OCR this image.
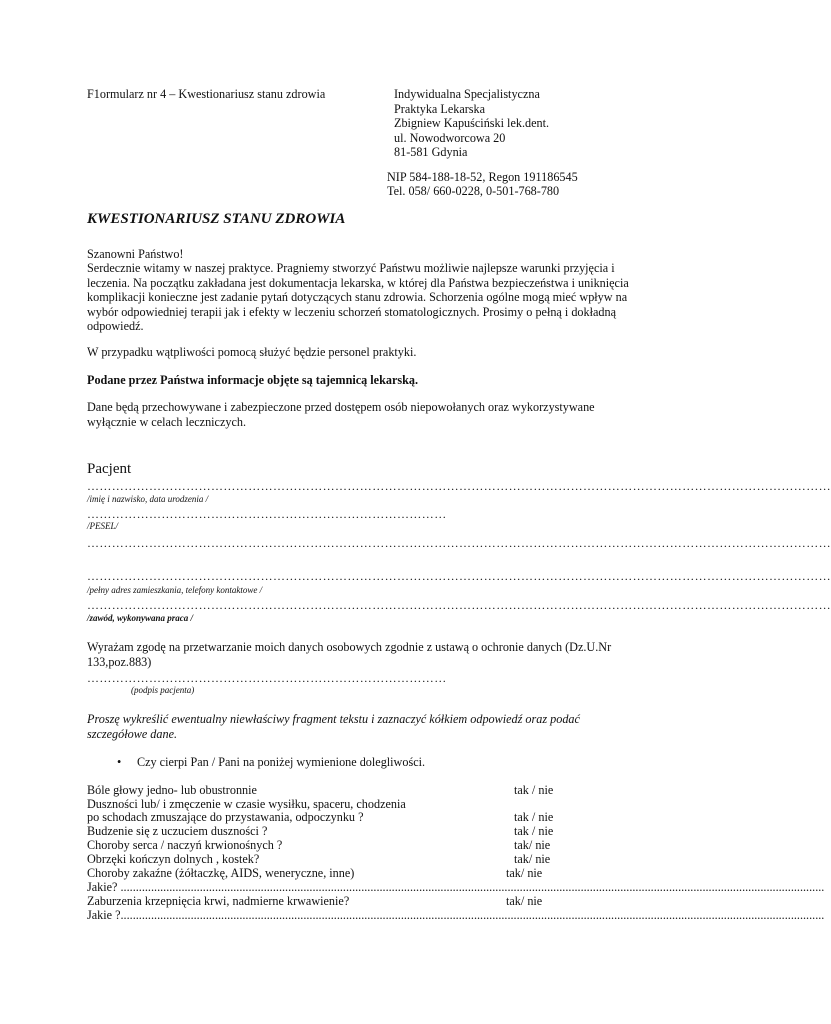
F1ormularz nr 4 – Kwestionariusz stanu zdrowia	Indywidualna Specjalistyczna
Praktyka Lekarska
Zbigniew Kapuściński lek.dent.
ul. Nowodworcowa 20
81-581 Gdynia
NIP 584-188-18-52, Regon 191186545
Tel. 058/ 660-0228, 0-501-768-780
KWESTIONARIUSZ STANU ZDROWIA
Szanowni Państwo!
Serdecznie witamy w naszej praktyce. Pragniemy stworzyć Państwu możliwie najlepsze warunki przyjęcia i leczenia. Na początku zakładana jest dokumentacja lekarska, w której dla Państwa bezpieczeństwa i uniknięcia komplikacji konieczne jest zadanie pytań dotyczących stanu zdrowia. Schorzenia ogólne mogą mieć wpływ na wybór odpowiedniej terapii jak i efekty w leczeniu schorzeń stomatologicznych. Prosimy o pełną i dokładną odpowiedź.
W przypadku wątpliwości pomocą służyć będzie personel praktyki.
Podane przez Państwa informacje objęte są tajemnicą lekarską.
Dane będą przechowywane i zabezpieczone przed dostępem osób niepowołanych oraz wykorzystywane wyłącznie w celach leczniczych.
Pacjent
………………………………………………………………………………………………………………………………………………………………
/imię i nazwisko, data urodzenia /
……………………………………………………………………………
/PESEL/
………………………………………………………………………………………………………………………………………………………………
………………………………………………………………………………………………………………………………………………………………
/pełny adres zamieszkania, telefony kontaktowe /
………………………………………………………………………………………………………………………………………………………………
/zawód, wykonywana praca /
Wyrażam zgodę na przetwarzanie moich danych osobowych zgodnie z ustawą o ochronie danych (Dz.U.Nr 133,poz.883)
……………………………………………………………………………
(podpis pacjenta)
Proszę wykreślić ewentualny niewłaściwy fragment tekstu i zaznaczyć kółkiem odpowiedź oraz podać szczegółowe dane.
• Czy cierpi Pan / Pani na poniżej wymienione dolegliwości.
Bóle głowy jedno- lub obustronnie	tak / nie
Duszności lub/ i zmęczenie w czasie wysiłku, spaceru, chodzenia
po schodach zmuszające do przystawania, odpoczynku ?	tak / nie
Budzenie się z uczuciem duszności ?	tak / nie
Choroby serca / naczyń krwionośnych ?	tak/ nie
Obrzęki kończyn dolnych , kostek?	tak/ nie
Choroby zakaźne (żółtaczkę, AIDS, weneryczne, inne)	tak/ nie
Jakie? .......................................................................................................................................................................................................................................
Zaburzenia krzepnięcia krwi, nadmierne krwawienie?	tak/ nie
Jakie ?.......................................................................................................................................................................................................................................
